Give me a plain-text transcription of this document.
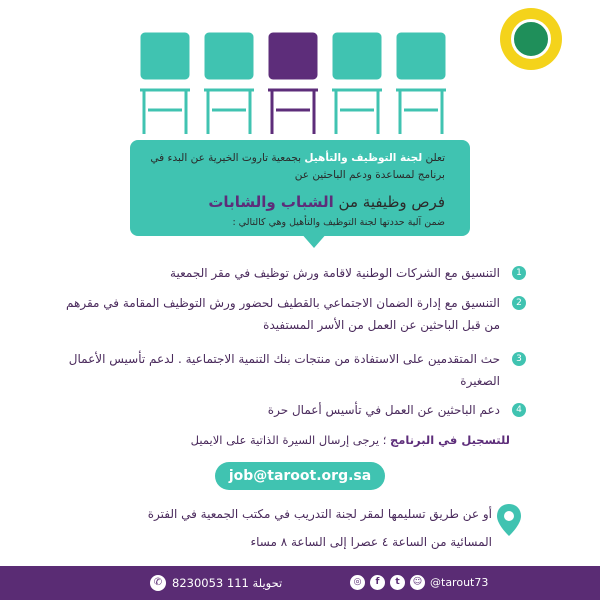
تعلن لجنة التوظيف والتأهيل بجمعية تاروت الخيرية عن البدء في برنامج لمساعدة ودعم الباحثين عن

فرص وظيفية من الشباب والشابات

ضمن آلية حددتها لجنة التوظيف والتأهيل وهي كالتالي :

1
التنسيق مع الشركات الوطنية لاقامة ورش توظيف في مقر الجمعية
2
التنسيق مع إدارة الضمان الاجتماعي بالقطيف لحضور ورش التوظيف المقامة في مقرهم من قبل الباحثين عن العمل من الأسر المستفيدة
3
حث المتقدمين على الاستفادة من منتجات بنك التنمية الاجتماعية . لدعم تأسيس الأعمال الصغيرة
4
دعم الباحثين عن العمل في تأسيس أعمال حرة
للتسجيل في البرنامج ؛ يرجى إرسال السيرة الذاتية على الايميل
job@taroot.org.sa
أو عن طريق تسليمها لمقر لجنة التدريب في مكتب الجمعية في الفترة المسائية من الساعة ٤ عصرا إلى الساعة ٨ مساء
✆ 8230053 تحويلة 111	◎	f	t	☺ @tarout73
